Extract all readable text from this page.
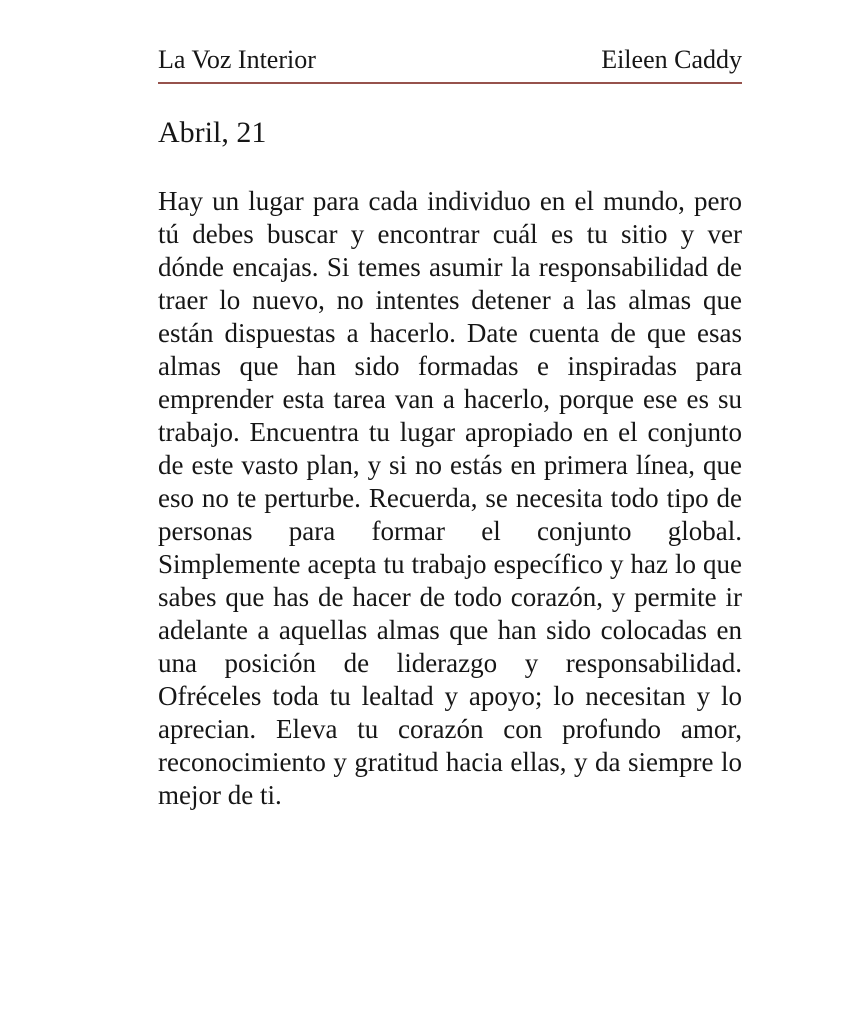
La Voz Interior	Eileen Caddy
Abril, 21

Hay un lugar para cada individuo en el mundo, pero tú debes buscar y encontrar cuál es tu sitio y ver dónde encajas. Si temes asumir la responsabilidad de traer lo nuevo, no intentes detener a las almas que están dispuestas a hacerlo. Date cuenta de que esas almas que han sido formadas e inspiradas para emprender esta tarea van a hacerlo, porque ese es su trabajo. Encuentra tu lugar apropiado en el conjunto de este vasto plan, y si no estás en primera línea, que eso no te perturbe. Recuerda, se necesita todo tipo de personas para formar el conjunto global. Simplemente acepta tu trabajo específico y haz lo que sabes que has de hacer de todo corazón, y permite ir adelante a aquellas almas que han sido colocadas en una posición de liderazgo y responsabilidad. Ofréceles toda tu lealtad y apoyo; lo necesitan y lo aprecian. Eleva tu corazón con profundo amor, reconocimiento y gratitud hacia ellas, y da siempre lo mejor de ti.
